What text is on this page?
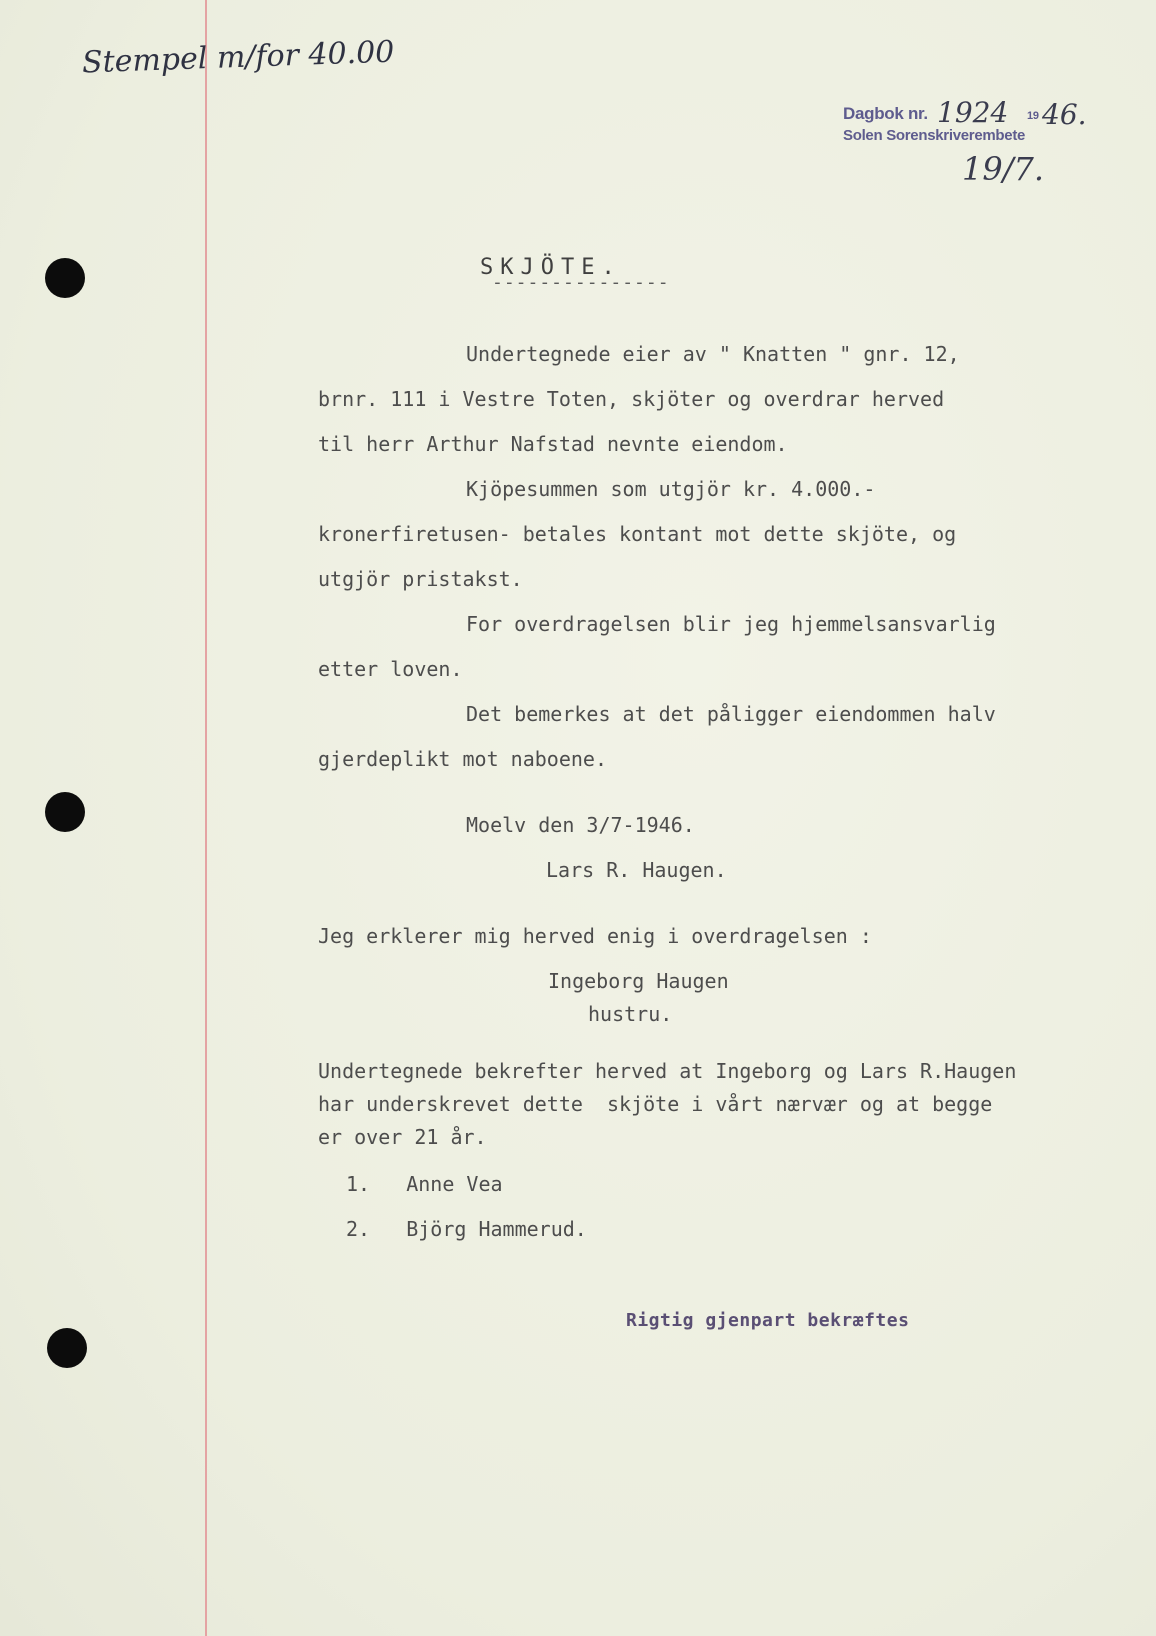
Stempel m/for 40.00
Dagbok nr. 1924 19 46.
Solen Sorenskriverembete
19/7.
SKJÖTE.
---------------
Undertegnede eier av " Knatten " gnr. 12,
brnr. 111 i Vestre Toten, skjöter og overdrar herved
til herr Arthur Nafstad nevnte eiendom.
Kjöpesummen som utgjör kr. 4.000.-
kronerfiretusen- betales kontant mot dette skjöte, og
utgjör pristakst.
For overdragelsen blir jeg hjemmelsansvarlig
etter loven.
Det bemerkes at det påligger eiendommen halv
gjerdeplikt mot naboene.
Moelv den 3/7-1946.
Lars R. Haugen.
Jeg erklerer mig herved enig i overdragelsen :
Ingeborg Haugen
hustru.
Undertegnede bekrefter herved at Ingeborg og Lars R.Haugen
har underskrevet dette  skjöte i vårt nærvær og at begge
er over 21 år.
1.   Anne Vea
2.   Björg Hammerud.
Rigtig gjenpart bekræftes
